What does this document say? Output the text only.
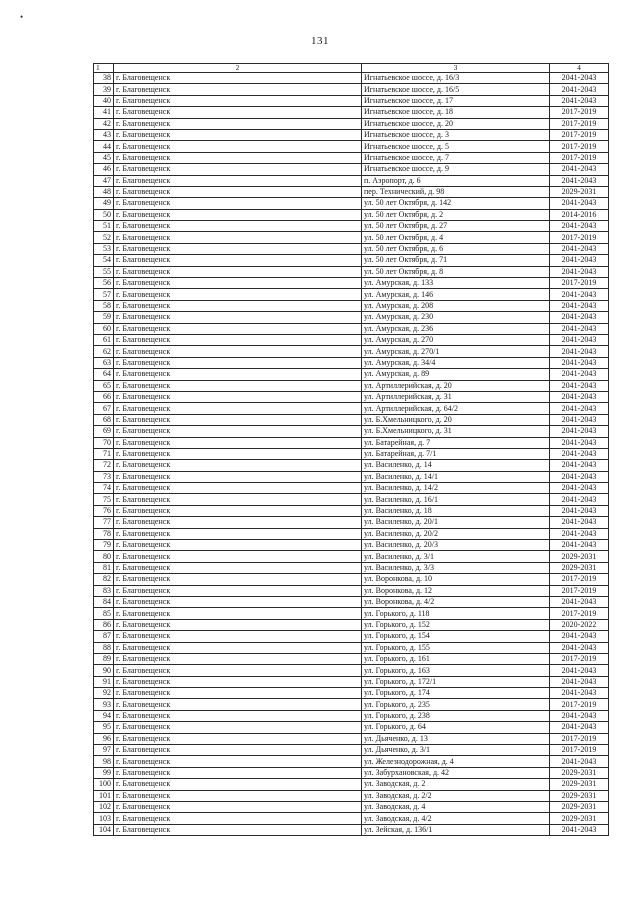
•
131
1	2	3	4
38	г. Благовещенск	Игнатьевское шоссе, д. 16/3	2041-2043
39	г. Благовещенск	Игнатьевское шоссе, д. 16/5	2041-2043
40	г. Благовещенск	Игнатьевское шоссе, д. 17	2041-2043
41	г. Благовещенск	Игнатьевское шоссе, д. 18	2017-2019
42	г. Благовещенск	Игнатьевское шоссе, д. 20	2017-2019
43	г. Благовещенск	Игнатьевское шоссе, д. 3	2017-2019
44	г. Благовещенск	Игнатьевское шоссе, д. 5	2017-2019
45	г. Благовещенск	Игнатьевское шоссе, д. 7	2017-2019
46	г. Благовещенск	Игнатьевское шоссе, д. 9	2041-2043
47	г. Благовещенск	п. Аэропорт, д. 6	2041-2043
48	г. Благовещенск	пер. Технический, д. 98	2029-2031
49	г. Благовещенск	ул. 50 лет Октября, д. 142	2041-2043
50	г. Благовещенск	ул. 50 лет Октября, д. 2	2014-2016
51	г. Благовещенск	ул. 50 лет Октября, д. 27	2041-2043
52	г. Благовещенск	ул. 50 лет Октября, д. 4	2017-2019
53	г. Благовещенск	ул. 50 лет Октября, д. 6	2041-2043
54	г. Благовещенск	ул. 50 лет Октября, д. 71	2041-2043
55	г. Благовещенск	ул. 50 лет Октября, д. 8	2041-2043
56	г. Благовещенск	ул. Амурская, д. 133	2017-2019
57	г. Благовещенск	ул. Амурская, д. 146	2041-2043
58	г. Благовещенск	ул. Амурская, д. 208	2041-2043
59	г. Благовещенск	ул. Амурская, д. 230	2041-2043
60	г. Благовещенск	ул. Амурская, д. 236	2041-2043
61	г. Благовещенск	ул. Амурская, д. 270	2041-2043
62	г. Благовещенск	ул. Амурская, д. 270/1	2041-2043
63	г. Благовещенск	ул. Амурская, д. 34/4	2041-2043
64	г. Благовещенск	ул. Амурская, д. 89	2041-2043
65	г. Благовещенск	ул. Артиллерийская, д. 20	2041-2043
66	г. Благовещенск	ул. Артиллерийская, д. 31	2041-2043
67	г. Благовещенск	ул. Артиллерийская, д. 64/2	2041-2043
68	г. Благовещенск	ул. Б.Хмельницкого, д. 20	2041-2043
69	г. Благовещенск	ул. Б.Хмельницкого, д. 31	2041-2043
70	г. Благовещенск	ул. Батарейная, д. 7	2041-2043
71	г. Благовещенск	ул. Батарейная, д. 7/1	2041-2043
72	г. Благовещенск	ул. Василенко, д. 14	2041-2043
73	г. Благовещенск	ул. Василенко, д. 14/1	2041-2043
74	г. Благовещенск	ул. Василенко, д. 14/2	2041-2043
75	г. Благовещенск	ул. Василенко, д. 16/1	2041-2043
76	г. Благовещенск	ул. Василенко, д. 18	2041-2043
77	г. Благовещенск	ул. Василенко, д. 20/1	2041-2043
78	г. Благовещенск	ул. Василенко, д. 20/2	2041-2043
79	г. Благовещенск	ул. Василенко, д. 20/3	2041-2043
80	г. Благовещенск	ул. Василенко, д. 3/1	2029-2031
81	г. Благовещенск	ул. Василенко, д. 3/3	2029-2031
82	г. Благовещенск	ул. Воронкова, д. 10	2017-2019
83	г. Благовещенск	ул. Воронкова, д. 12	2017-2019
84	г. Благовещенск	ул. Воронкова, д. 4/2	2041-2043
85	г. Благовещенск	ул. Горького, д. 118	2017-2019
86	г. Благовещенск	ул. Горького, д. 152	2020-2022
87	г. Благовещенск	ул. Горького, д. 154	2041-2043
88	г. Благовещенск	ул. Горького, д. 155	2041-2043
89	г. Благовещенск	ул. Горького, д. 161	2017-2019
90	г. Благовещенск	ул. Горького, д. 163	2041-2043
91	г. Благовещенск	ул. Горького, д. 172/1	2041-2043
92	г. Благовещенск	ул. Горького, д. 174	2041-2043
93	г. Благовещенск	ул. Горького, д. 235	2017-2019
94	г. Благовещенск	ул. Горького, д. 238	2041-2043
95	г. Благовещенск	ул. Горького, д. 64	2041-2043
96	г. Благовещенск	ул. Дьяченко, д. 13	2017-2019
97	г. Благовещенск	ул. Дьяченко, д. 3/1	2017-2019
98	г. Благовещенск	ул. Железнодорожная, д. 4	2041-2043
99	г. Благовещенск	ул. Забурхановская, д. 42	2029-2031
100	г. Благовещенск	ул. Заводская, д. 2	2029-2031
101	г. Благовещенск	ул. Заводская, д. 2/2	2029-2031
102	г. Благовещенск	ул. Заводская, д. 4	2029-2031
103	г. Благовещенск	ул. Заводская, д. 4/2	2029-2031
104	г. Благовещенск	ул. Зейская, д. 136/1	2041-2043
